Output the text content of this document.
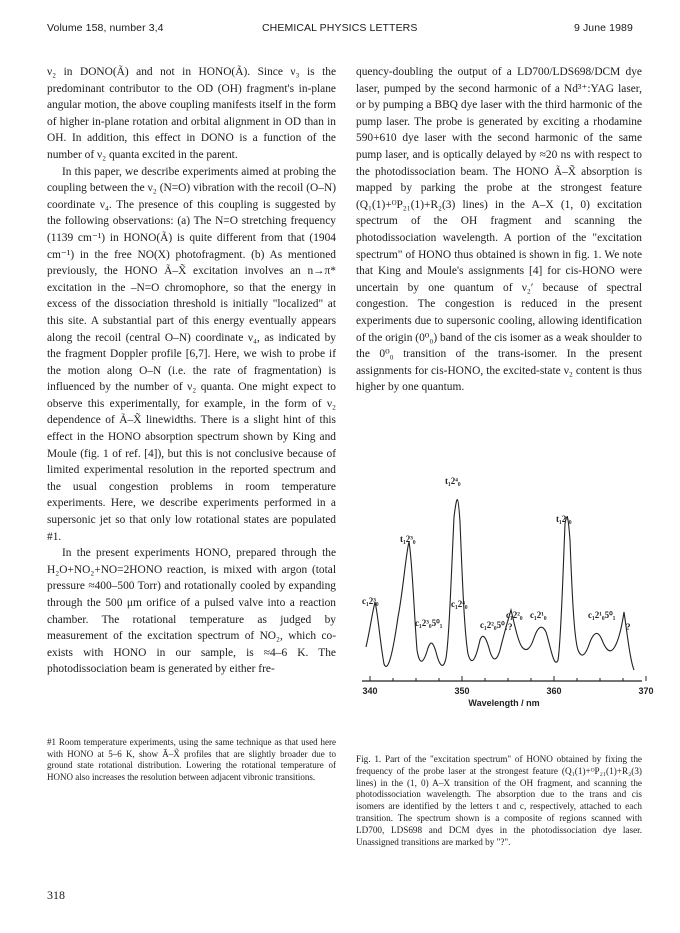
Volume 158, number 3,4	CHEMICAL PHYSICS LETTERS	9 June 1989

ν₂ in DONO(Ã) and not in HONO(Ã). Since ν₃ is the predominant contributor to the OD (OH) fragment's in-plane angular motion, the above coupling manifests itself in the form of higher in-plane rotation and orbital alignment in OD than in OH. In addition, this effect in DONO is a function of the number of ν₂ quanta excited in the parent.

In this paper, we describe experiments aimed at probing the coupling between the ν₂ (N=O) vibration with the recoil (O–N) coordinate ν₄. The presence of this coupling is suggested by the following observations: (a) The N=O stretching frequency (1139 cm⁻¹) in HONO(Ã) is quite different from that (1904 cm⁻¹) in the free NO(X) photofragment. (b) As mentioned previously, the HONO Ã–X̃ excitation involves an n→π* excitation in the –N=O chromophore, so that the energy in excess of the dissociation threshold is initially "localized" at this site. A substantial part of this energy eventually appears along the recoil (central O–N) coordinate ν₄, as indicated by the fragment Doppler profile [6,7]. Here, we wish to probe if the motion along O–N (i.e. the rate of fragmentation) is influenced by the number of ν₂ quanta. One might expect to observe this experimentally, for example, in the form of ν₂ dependence of Ã–X̃ linewidths. There is a slight hint of this effect in the HONO absorption spectrum shown by King and Moule (fig. 1 of ref. [4]), but this is not conclusive because of limited experimental resolution in the reported spectrum and the usual congestion problems in room temperature experiments. Here, we describe experiments performed in a supersonic jet so that only low rotational states are populated #1.

In the present experiments HONO, prepared through the H₂O+NO₂+NO=2HONO reaction, is mixed with argon (total pressure ≈400–500 Torr) and rotationally cooled by expanding through the 500 μm orifice of a pulsed valve into a reaction chamber. The rotational temperature as judged by measurement of the excitation spectrum of NO₂, which co-exists with HONO in our sample, is ≈4–6 K. The photodissociation beam is generated by either fre-

#1 Room temperature experiments, using the same technique as that used here with HONO at 5–6 K, show Ã–X̃ profiles that are slightly broader due to ground state rotational distribution. Lowering the rotational temperature of HONO also increases the resolution between adjacent vibronic transitions.
318

quency-doubling the output of a LD700/LDS698/DCM dye laser, pumped by the second harmonic of a Nd³⁺:YAG laser, or by pumping a BBQ dye laser with the third harmonic of the pump laser. The probe is generated by exciting a rhodamine 590+610 dye laser with the second harmonic of the same pump laser, and is optically delayed by ≈20 ns with respect to the photodissociation beam. The HONO Ã–X̃ absorption is mapped by parking the probe at the strongest feature (Q₁(1)+ᴼP₂₁(1)+R₂(3) lines) in the A–X (1, 0) excitation spectrum of the OH fragment and scanning the photodissociation wavelength. A portion of the "excitation spectrum" of HONO thus obtained is shown in fig. 1. We note that King and Moule's assignments [4] for cis-HONO were uncertain by one quantum of ν₂′ because of spectral congestion. The congestion is reduced in the present experiments due to supersonic cooling, allowing identification of the origin (0⁰₀) band of the cis isomer as a weak shoulder to the 0⁰₀ transition of the trans-isomer. In the present assignments for cis-HONO, the excited-state ν₂ content is thus higher by one quantum.

340	350	360	370
Wavelength / nm
t₁2⁴₀
t₁2¹₀
t₁2³₀
c₁2³₀	c₁2⁴₀
c₁2²₀
c₁2³₀5⁰₁	c₁2²₀5⁰₁
c₁2¹₀	c₁2¹₀5⁰₁
?	?
Fig. 1. Part of the "excitation spectrum" of HONO obtained by fixing the frequency of the probe laser at the strongest feature (Q₁(1)+ᴼP₂₁(1)+R₂(3) lines) in the (1, 0) A–X transition of the OH fragment, and scanning the photodissociation wavelength. The absorption due to the trans and cis isomers are identified by the letters t and c, respectively, attached to each transition. The spectrum shown is a composite of regions scanned with LD700, LDS698 and DCM dyes in the photodissociation dye laser. Unassigned transitions are marked by "?".
